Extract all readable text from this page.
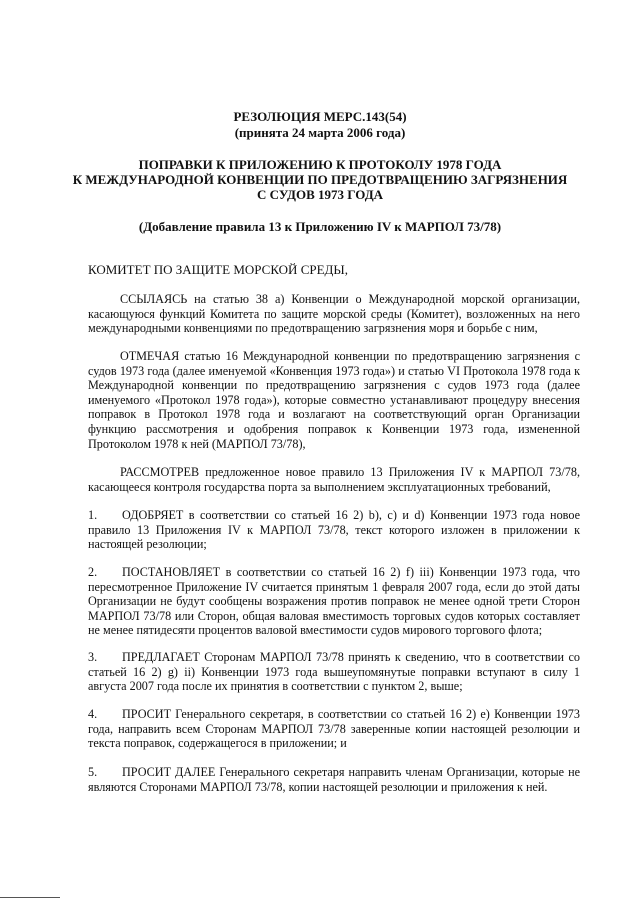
РЕЗОЛЮЦИЯ МЕРС.143(54)
(принята 24 марта 2006 года)
ПОПРАВКИ К ПРИЛОЖЕНИЮ К ПРОТОКОЛУ 1978 ГОДА
К МЕЖДУНАРОДНОЙ КОНВЕНЦИИ ПО ПРЕДОТВРАЩЕНИЮ ЗАГРЯЗНЕНИЯ
С СУДОВ 1973 ГОДА
(Добавление правила 13 к Приложению IV к МАРПОЛ 73/78)
КОМИТЕТ ПО ЗАЩИТЕ МОРСКОЙ СРЕДЫ,

ССЫЛАЯСЬ на статью 38 а) Конвенции о Международной морской организации, касающуюся функций Комитета по защите морской среды (Комитет), возложенных на него международными конвенциями по предотвращению загрязнения моря и борьбе с ним,

ОТМЕЧАЯ статью 16 Международной конвенции по предотвращению загрязнения с судов 1973 года (далее именуемой «Конвенция 1973 года») и статью VI Протокола 1978 года к Международной конвенции по предотвращению загрязнения с судов 1973 года (далее именуемого «Протокол 1978 года»), которые совместно устанавливают процедуру внесения поправок в Протокол 1978 года и возлагают на соответствующий орган Организации функцию рассмотрения и одобрения поправок к Конвенции 1973 года, измененной Протоколом 1978 к ней (МАРПОЛ 73/78),

РАССМОТРЕВ предложенное новое правило 13 Приложения IV к МАРПОЛ 73/78, касающееся контроля государства порта за выполнением эксплуатационных требований,

1. ОДОБРЯЕТ в соответствии со статьей 16 2) b), c) и d) Конвенции 1973 года новое правило 13 Приложения IV к МАРПОЛ 73/78, текст которого изложен в приложении к настоящей резолюции;

2. ПОСТАНОВЛЯЕТ в соответствии со статьей 16 2) f) iii) Конвенции 1973 года, что пересмотренное Приложение IV считается принятым 1 февраля 2007 года, если до этой даты Организации не будут сообщены возражения против поправок не менее одной трети Сторон МАРПОЛ 73/78 или Сторон, общая валовая вместимость торговых судов которых составляет не менее пятидесяти процентов валовой вместимости судов мирового торгового флота;

3. ПРЕДЛАГАЕТ Сторонам МАРПОЛ 73/78 принять к сведению, что в соответствии со статьей 16 2) g) ii) Конвенции 1973 года вышеупомянутые поправки вступают в силу 1 августа 2007 года после их принятия в соответствии с пунктом 2, выше;

4. ПРОСИТ Генерального секретаря, в соответствии со статьей 16 2) e) Конвенции 1973 года, направить всем Сторонам МАРПОЛ 73/78 заверенные копии настоящей резолюции и текста поправок, содержащегося в приложении; и

5. ПРОСИТ ДАЛЕЕ Генерального секретаря направить членам Организации, которые не являются Сторонами МАРПОЛ 73/78, копии настоящей резолюции и приложения к ней.
